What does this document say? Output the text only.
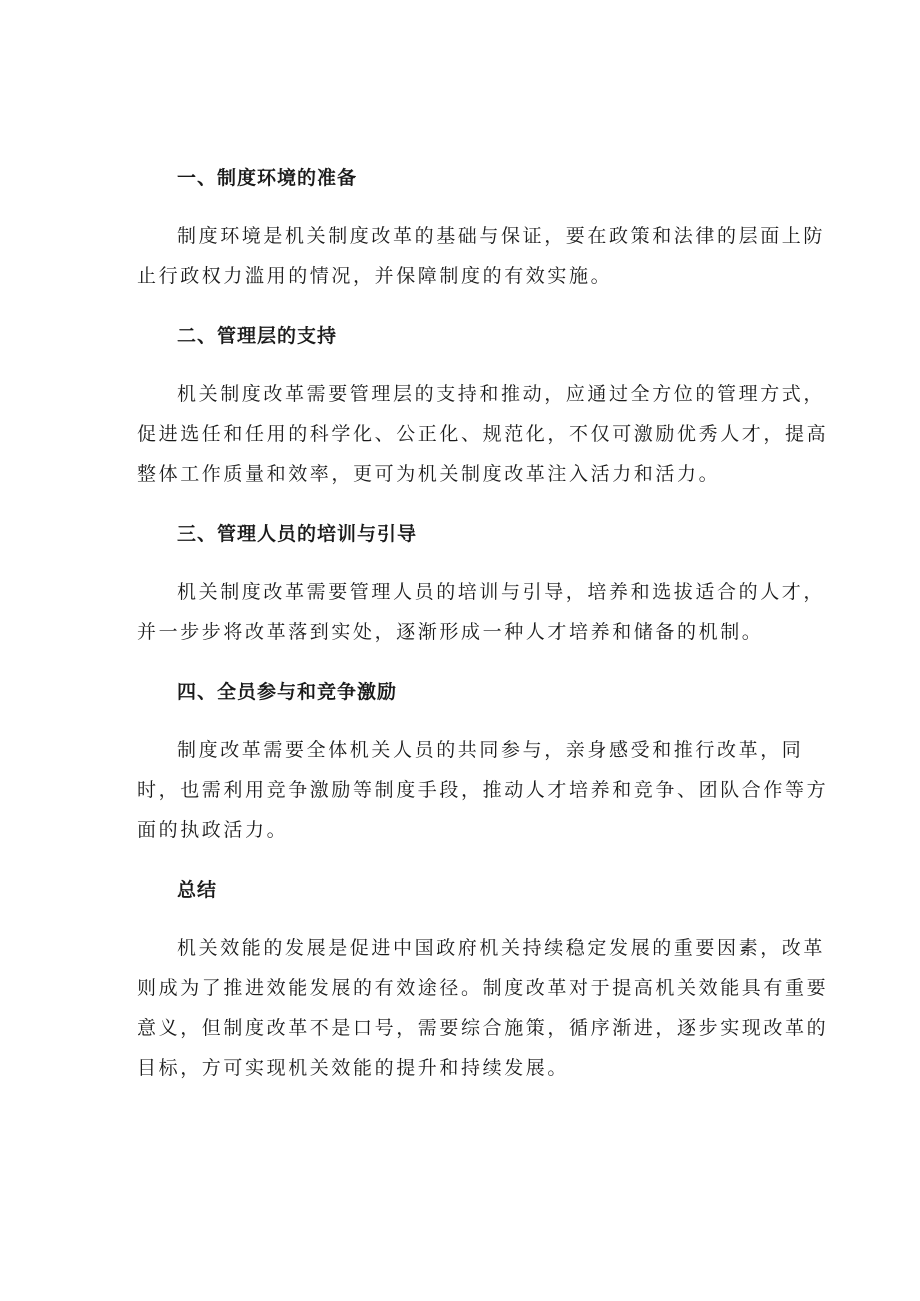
一、制度环境的准备
制度环境是机关制度改革的基础与保证，要在政策和法律的层面上防
止行政权力滥用的情况，并保障制度的有效实施。
二、管理层的支持
机关制度改革需要管理层的支持和推动，应通过全方位的管理方式，
促进选任和任用的科学化、公正化、规范化，不仅可激励优秀人才，提高
整体工作质量和效率，更可为机关制度改革注入活力和活力。
三、管理人员的培训与引导
机关制度改革需要管理人员的培训与引导，培养和选拔适合的人才，
并一步步将改革落到实处，逐渐形成一种人才培养和储备的机制。
四、全员参与和竞争激励
制度改革需要全体机关人员的共同参与，亲身感受和推行改革，同
时，也需利用竞争激励等制度手段，推动人才培养和竞争、团队合作等方
面的执政活力。
总结
机关效能的发展是促进中国政府机关持续稳定发展的重要因素，改革
则成为了推进效能发展的有效途径。制度改革对于提高机关效能具有重要
意义，但制度改革不是口号，需要综合施策，循序渐进，逐步实现改革的
目标，方可实现机关效能的提升和持续发展。
